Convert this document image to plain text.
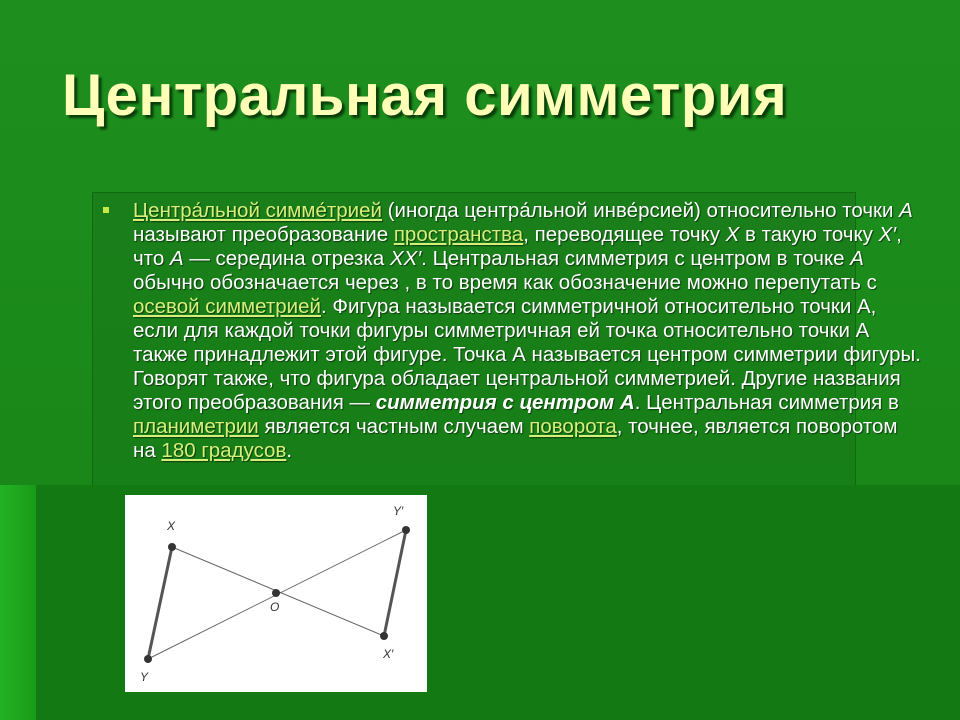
Центральная симметрия

Центра́льной симме́трией (иногда центра́льной инве́рсией) относительно точки A называют преобразование пространства, переводящее точку X в такую точку X′, что A — середина отрезка XX′. Центральная симметрия с центром в точке A обычно обозначается через , в то время как обозначение можно перепутать с осевой симметрией. Фигура называется симметричной относительно точки А, если для каждой точки фигуры симметричная ей точка относительно точки А также принадлежит этой фигуре. Точка А называется центром симметрии фигуры. Говорят также, что фигура обладает центральной симметрией. Другие названия этого преобразования — симметрия с центром А. Центральная симметрия в планиметрии является частным случаем поворота, точнее, является поворотом на 180 градусов.

X
Y
O
Y′
X′
